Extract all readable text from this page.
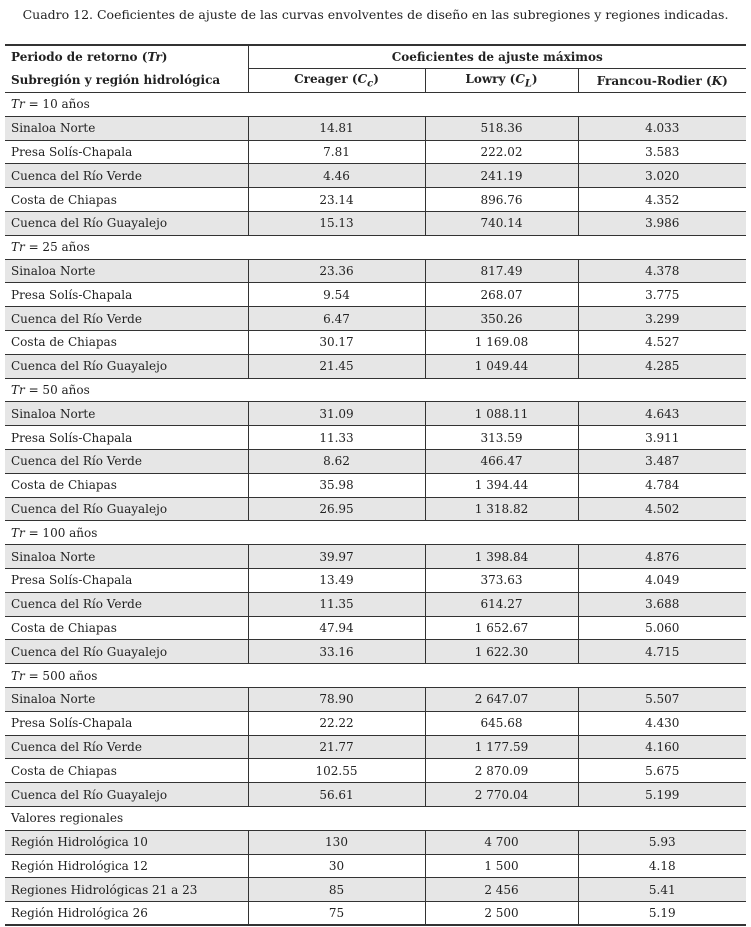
Cuadro 12. Coeficientes de ajuste de las curvas envolventes de diseño en las subregiones y regiones indicadas.
Periodo de retorno (Tr)	Coeficientes de ajuste máximos		
Subregión y región hidrológica	Creager $(C_c)$	Lowry $(C_L)$	Francou-Rodier (K)
Tr = 10 años			
Sinaloa Norte	14.81	518.36	4.033
Presa Solís-Chapala	7.81	222.02	3.583
Cuenca del Río Verde	4.46	241.19	3.020
Costa de Chiapas	23.14	896.76	4.352
Cuenca del Río Guayalejo	15.13	740.14	3.986
Tr = 25 años			
Sinaloa Norte	23.36	817.49	4.378
Presa Solís-Chapala	9.54	268.07	3.775
Cuenca del Río Verde	6.47	350.26	3.299
Costa de Chiapas	30.17	1 169.08	4.527
Cuenca del Río Guayalejo	21.45	1 049.44	4.285
Tr = 50 años			
Sinaloa Norte	31.09	1 088.11	4.643
Presa Solís-Chapala	11.33	313.59	3.911
Cuenca del Río Verde	8.62	466.47	3.487
Costa de Chiapas	35.98	1 394.44	4.784
Cuenca del Río Guayalejo	26.95	1 318.82	4.502
Tr = 100 años			
Sinaloa Norte	39.97	1 398.84	4.876
Presa Solís-Chapala	13.49	373.63	4.049
Cuenca del Río Verde	11.35	614.27	3.688
Costa de Chiapas	47.94	1 652.67	5.060
Cuenca del Río Guayalejo	33.16	1 622.30	4.715
Tr = 500 años			
Sinaloa Norte	78.90	2 647.07	5.507
Presa Solís-Chapala	22.22	645.68	4.430
Cuenca del Río Verde	21.77	1 177.59	4.160
Costa de Chiapas	102.55	2 870.09	5.675
Cuenca del Río Guayalejo	56.61	2 770.04	5.199
Valores regionales			
Región Hidrológica 10	130	4 700	5.93
Región Hidrológica 12	30	1 500	4.18
Regiones Hidrológicas 21 a 23	85	2 456	5.41
Región Hidrológica 26	75	2 500	5.19
